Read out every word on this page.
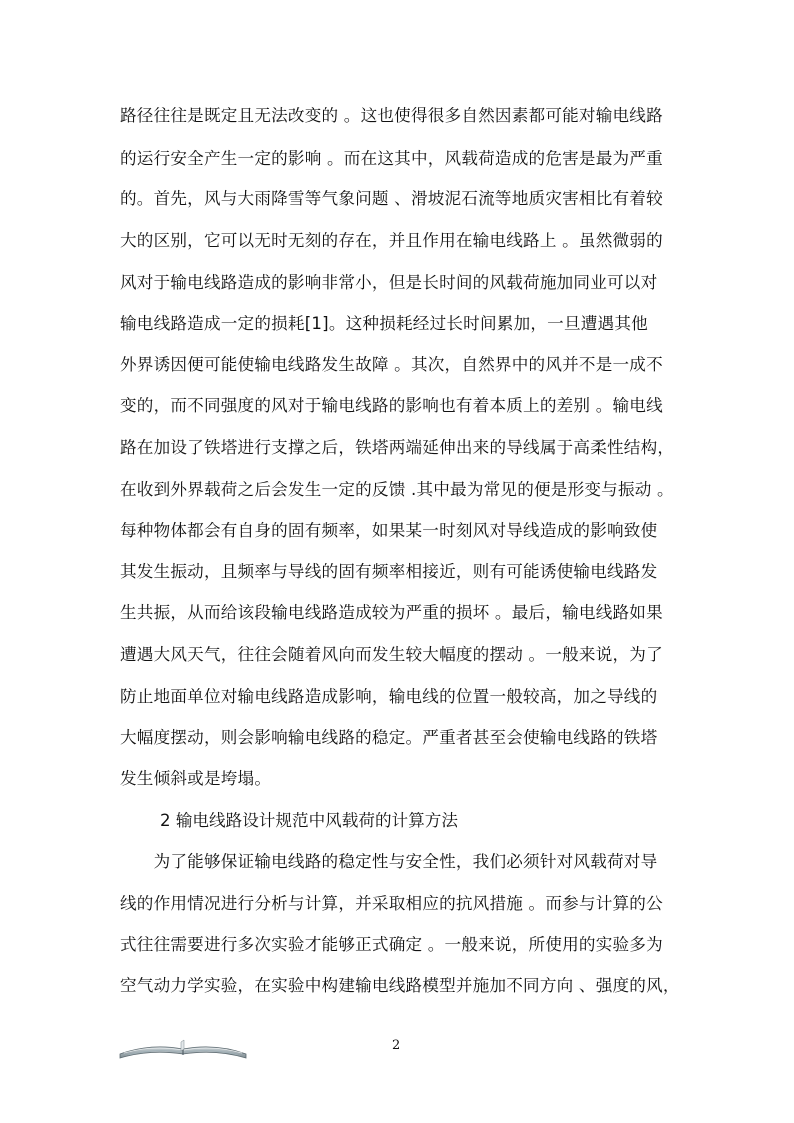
路径往往是既定且无法改变的 。这也使得很多自然因素都可能对输电线路
的运行安全产生一定的影响 。而在这其中，风载荷造成的危害是最为严重
的。首先，风与大雨降雪等气象问题 、滑坡泥石流等地质灾害相比有着较
大的区别，它可以无时无刻的存在，并且作用在输电线路上 。虽然微弱的
风对于输电线路造成的影响非常小，但是长时间的风载荷施加同业可以对
输电线路造成一定的损耗[1]。这种损耗经过长时间累加，一旦遭遇其他
外界诱因便可能使输电线路发生故障 。其次，自然界中的风并不是一成不
变的，而不同强度的风对于输电线路的影响也有着本质上的差别 。输电线
路在加设了铁塔进行支撑之后，铁塔两端延伸出来的导线属于高柔性结构，
在收到外界载荷之后会发生一定的反馈 .其中最为常见的便是形变与振动 。
每种物体都会有自身的固有频率，如果某一时刻风对导线造成的影响致使
其发生振动，且频率与导线的固有频率相接近，则有可能诱使输电线路发
生共振，从而给该段输电线路造成较为严重的损坏 。最后，输电线路如果
遭遇大风天气，往往会随着风向而发生较大幅度的摆动 。一般来说，为了
防止地面单位对输电线路造成影响，输电线的位置一般较高，加之导线的
大幅度摆动，则会影响输电线路的稳定。严重者甚至会使输电线路的铁塔
发生倾斜或是垮塌。
2 输电线路设计规范中风载荷的计算方法
　　为了能够保证输电线路的稳定性与安全性，我们必须针对风载荷对导
线的作用情况进行分析与计算，并采取相应的抗风措施 。而参与计算的公
式往往需要进行多次实验才能够正式确定 。一般来说，所使用的实验多为
空气动力学实验，在实验中构建输电线路模型并施加不同方向 、强度的风，
2
